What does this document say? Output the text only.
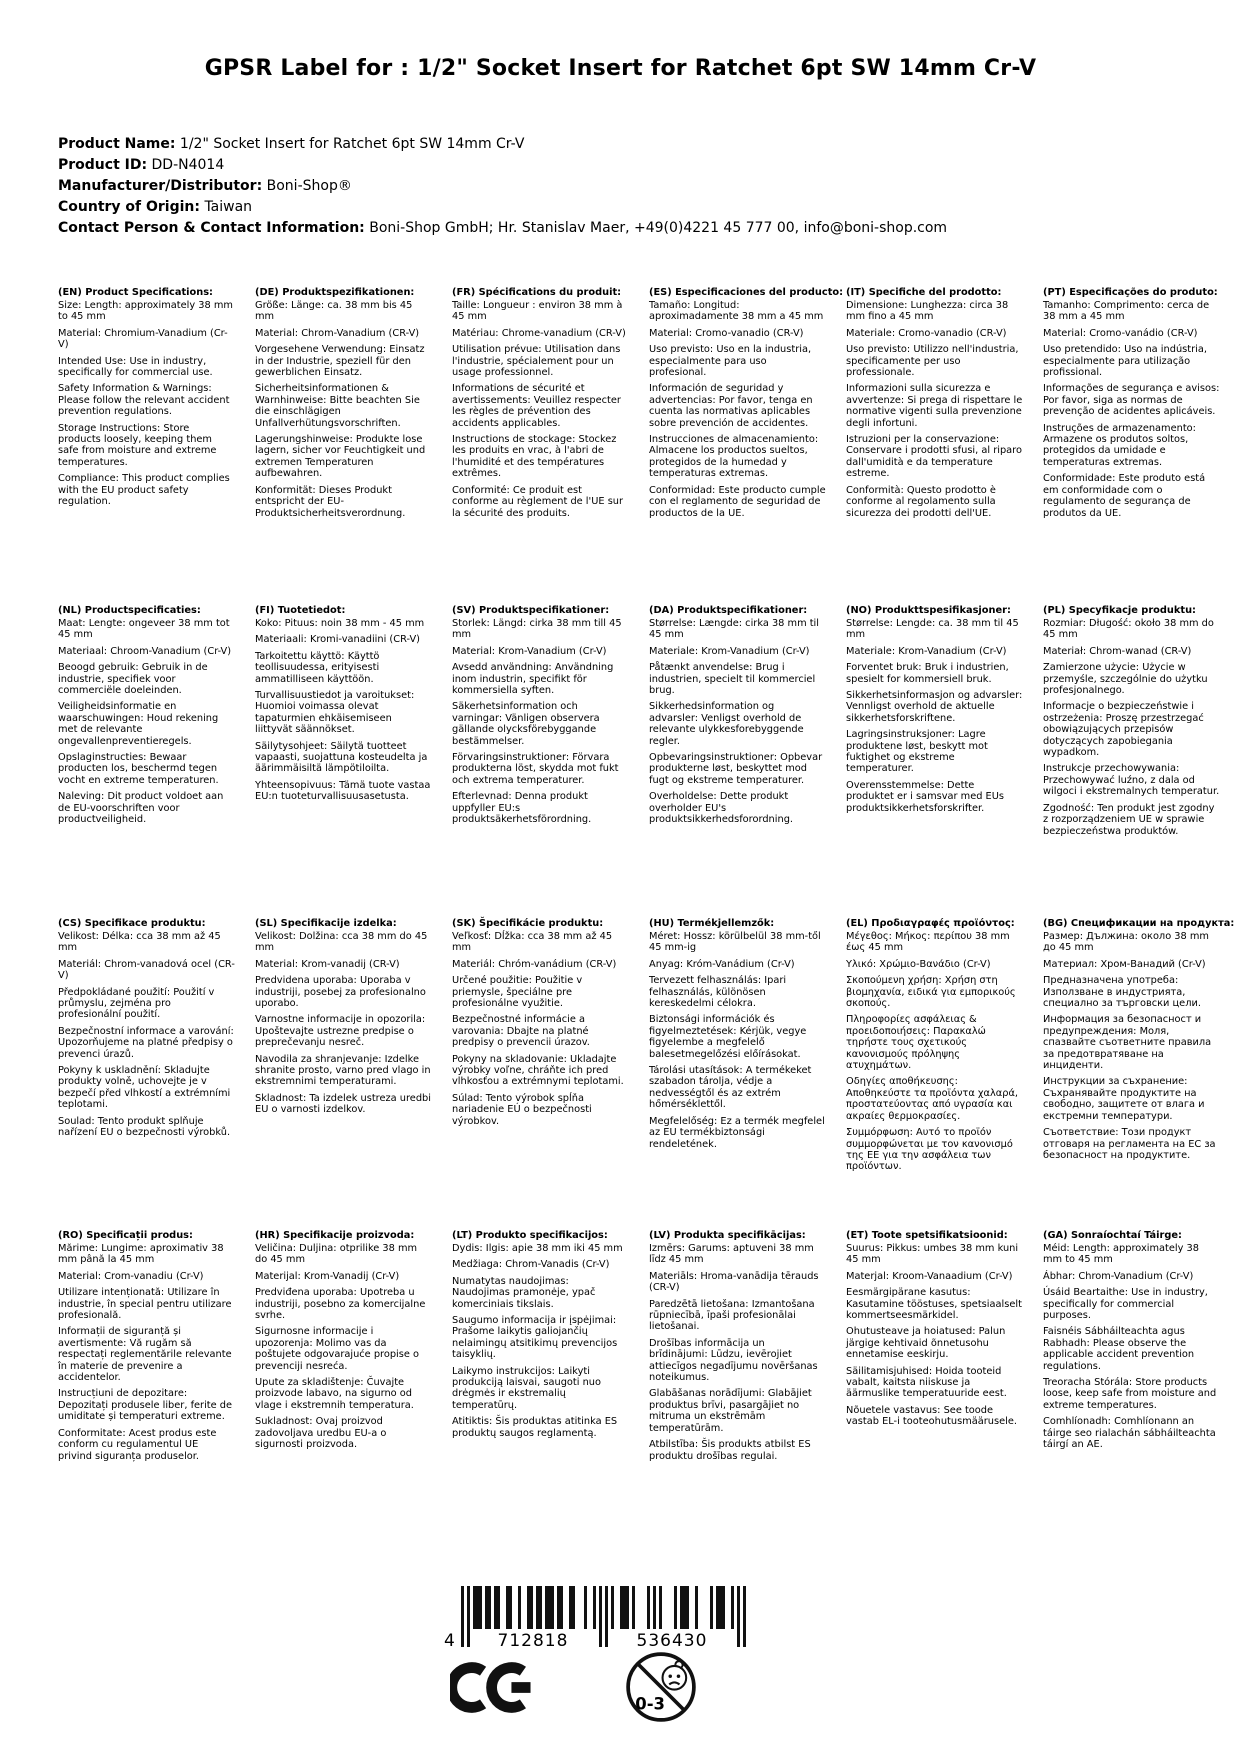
GPSR Label for : 1/2" Socket Insert for Ratchet 6pt SW 14mm Cr-V
Product Name: 1/2" Socket Insert for Ratchet 6pt SW 14mm Cr-V
Product ID: DD-N4014
Manufacturer/Distributor: Boni-Shop®
Country of Origin: Taiwan
Contact Person & Contact Information: Boni-Shop GmbH; Hr. Stanislav Maer, +49(0)4221 45 777 00, info@boni-shop.com
(EN) Product Specifications:
Size: Length: approximately 38 mm to 45 mm
Material: Chromium-Vanadium (Cr-V)
Intended Use: Use in industry, specifically for commercial use.
Safety Information & Warnings: Please follow the relevant accident prevention regulations.
Storage Instructions: Store products loosely, keeping them safe from moisture and extreme temperatures.
Compliance: This product complies with the EU product safety regulation.
(DE) Produktspezifikationen:
Größe: Länge: ca. 38 mm bis 45 mm
Material: Chrom-Vanadium (CR-V)
Vorgesehene Verwendung: Einsatz in der Industrie, speziell für den gewerblichen Einsatz.
Sicherheitsinformationen & Warnhinweise: Bitte beachten Sie die einschlägigen Unfallverhütungsvorschriften.
Lagerungshinweise: Produkte lose lagern, sicher vor Feuchtigkeit und extremen Temperaturen aufbewahren.
Konformität: Dieses Produkt entspricht der EU-Produktsicherheitsverordnung.
(FR) Spécifications du produit:
Taille: Longueur : environ 38 mm à 45 mm
Matériau: Chrome-vanadium (CR-V)
Utilisation prévue: Utilisation dans l'industrie, spécialement pour un usage professionnel.
Informations de sécurité et avertissements: Veuillez respecter les règles de prévention des accidents applicables.
Instructions de stockage: Stockez les produits en vrac, à l'abri de l'humidité et des températures extrêmes.
Conformité: Ce produit est conforme au règlement de l'UE sur la sécurité des produits.
(ES) Especificaciones del producto:
Tamaño: Longitud: aproximadamente 38 mm a 45 mm
Material: Cromo-vanadio (CR-V)
Uso previsto: Uso en la industria, especialmente para uso profesional.
Información de seguridad y advertencias: Por favor, tenga en cuenta las normativas aplicables sobre prevención de accidentes.
Instrucciones de almacenamiento: Almacene los productos sueltos, protegidos de la humedad y temperaturas extremas.
Conformidad: Este producto cumple con el reglamento de seguridad de productos de la UE.
(IT) Specifiche del prodotto:
Dimensione: Lunghezza: circa 38 mm fino a 45 mm
Materiale: Cromo-vanadio (CR-V)
Uso previsto: Utilizzo nell'industria, specificamente per uso professionale.
Informazioni sulla sicurezza e avvertenze: Si prega di rispettare le normative vigenti sulla prevenzione degli infortuni.
Istruzioni per la conservazione: Conservare i prodotti sfusi, al riparo dall'umidità e da temperature estreme.
Conformità: Questo prodotto è conforme al regolamento sulla sicurezza dei prodotti dell'UE.
(PT) Especificações do produto:
Tamanho: Comprimento: cerca de 38 mm a 45 mm
Material: Cromo-vanádio (CR-V)
Uso pretendido: Uso na indústria, especialmente para utilização profissional.
Informações de segurança e avisos: Por favor, siga as normas de prevenção de acidentes aplicáveis.
Instruções de armazenamento: Armazene os produtos soltos, protegidos da umidade e temperaturas extremas.
Conformidade: Este produto está em conformidade com o regulamento de segurança de produtos da UE.
(NL) Productspecificaties:
Maat: Lengte: ongeveer 38 mm tot 45 mm
Materiaal: Chroom-Vanadium (Cr-V)
Beoogd gebruik: Gebruik in de industrie, specifiek voor commerciële doeleinden.
Veiligheidsinformatie en waarschuwingen: Houd rekening met de relevante ongevallenpreventieregels.
Opslaginstructies: Bewaar producten los, beschermd tegen vocht en extreme temperaturen.
Naleving: Dit product voldoet aan de EU-voorschriften voor productveiligheid.
(FI) Tuotetiedot:
Koko: Pituus: noin 38 mm - 45 mm
Materiaali: Kromi-vanadiini (CR-V)
Tarkoitettu käyttö: Käyttö teollisuudessa, erityisesti ammatilliseen käyttöön.
Turvallisuustiedot ja varoitukset: Huomioi voimassa olevat tapaturmien ehkäisemiseen liittyvät säännökset.
Säilytysohjeet: Säilytä tuotteet vapaasti, suojattuna kosteudelta ja äärimmäisiltä lämpötiloilta.
Yhteensopivuus: Tämä tuote vastaa EU:n tuoteturvallisuusasetusta.
(SV) Produktspecifikationer:
Storlek: Längd: cirka 38 mm till 45 mm
Material: Krom-Vanadium (Cr-V)
Avsedd användning: Användning inom industrin, specifikt för kommersiella syften.
Säkerhetsinformation och varningar: Vänligen observera gällande olycksförebyggande bestämmelser.
Förvaringsinstruktioner: Förvara produkterna löst, skydda mot fukt och extrema temperaturer.
Efterlevnad: Denna produkt uppfyller EU:s produktsäkerhetsförordning.
(DA) Produktspecifikationer:
Størrelse: Længde: cirka 38 mm til 45 mm
Materiale: Krom-Vanadium (Cr-V)
Påtænkt anvendelse: Brug i industrien, specielt til kommerciel brug.
Sikkerhedsinformation og advarsler: Venligst overhold de relevante ulykkesforebyggende regler.
Opbevaringsinstruktioner: Opbevar produkterne løst, beskyttet mod fugt og ekstreme temperaturer.
Overholdelse: Dette produkt overholder EU's produktsikkerhedsforordning.
(NO) Produkttspesifikasjoner:
Størrelse: Lengde: ca. 38 mm til 45 mm
Materiale: Krom-Vanadium (Cr-V)
Forventet bruk: Bruk i industrien, spesielt for kommersiell bruk.
Sikkerhetsinformasjon og advarsler: Vennligst overhold de aktuelle sikkerhetsforskriftene.
Lagringsinstruksjoner: Lagre produktene løst, beskytt mot fuktighet og ekstreme temperaturer.
Overensstemmelse: Dette produktet er i samsvar med EUs produktsikkerhetsforskrifter.
(PL) Specyfikacje produktu:
Rozmiar: Długość: około 38 mm do 45 mm
Materiał: Chrom-wanad (CR-V)
Zamierzone użycie: Użycie w przemyśle, szczególnie do użytku profesjonalnego.
Informacje o bezpieczeństwie i ostrzeżenia: Proszę przestrzegać obowiązujących przepisów dotyczących zapobiegania wypadkom.
Instrukcje przechowywania: Przechowywać luźno, z dala od wilgoci i ekstremalnych temperatur.
Zgodność: Ten produkt jest zgodny z rozporządzeniem UE w sprawie bezpieczeństwa produktów.
(CS) Specifikace produktu:
Velikost: Délka: cca 38 mm až 45 mm
Materiál: Chrom-vanadová ocel (CR-V)
Předpokládané použití: Použití v průmyslu, zejména pro profesionální použití.
Bezpečnostní informace a varování: Upozorňujeme na platné předpisy o prevenci úrazů.
Pokyny k uskladnění: Skladujte produkty volně, uchovejte je v bezpečí před vlhkostí a extrémními teplotami.
Soulad: Tento produkt splňuje nařízení EU o bezpečnosti výrobků.
(SL) Specifikacije izdelka:
Velikost: Dolžina: cca 38 mm do 45 mm
Material: Krom-vanadij (CR-V)
Predvidena uporaba: Uporaba v industriji, posebej za profesionalno uporabo.
Varnostne informacije in opozorila: Upoštevajte ustrezne predpise o preprečevanju nesreč.
Navodila za shranjevanje: Izdelke shranite prosto, varno pred vlago in ekstremnimi temperaturami.
Skladnost: Ta izdelek ustreza uredbi EU o varnosti izdelkov.
(SK) Špecifikácie produktu:
Veľkosť: Dĺžka: cca 38 mm až 45 mm
Materiál: Chróm-vanádium (CR-V)
Určené použitie: Použitie v priemysle, špeciálne pre profesionálne využitie.
Bezpečnostné informácie a varovania: Dbajte na platné predpisy o prevencii úrazov.
Pokyny na skladovanie: Ukladajte výrobky voľne, chráňte ich pred vlhkosťou a extrémnymi teplotami.
Súlad: Tento výrobok spĺňa nariadenie EÚ o bezpečnosti výrobkov.
(HU) Termékjellemzők:
Méret: Hossz: körülbelül 38 mm-től 45 mm-ig
Anyag: Króm-Vanádium (Cr-V)
Tervezett felhasználás: Ipari felhasználás, különösen kereskedelmi célokra.
Biztonsági információk és figyelmeztetések: Kérjük, vegye figyelembe a megfelelő balesetmegelőzési előírásokat.
Tárolási utasítások: A termékeket szabadon tárolja, védje a nedvességtől és az extrém hőmérséklettől.
Megfelelőség: Ez a termék megfelel az EU termékbiztonsági rendeletének.
(EL) Προδιαγραφές προϊόντος:
Μέγεθος: Μήκος: περίπου 38 mm έως 45 mm
Υλικό: Χρώμιο-Βανάδιο (Cr-V)
Σκοπούμενη χρήση: Χρήση στη βιομηχανία, ειδικά για εμπορικούς σκοπούς.
Πληροφορίες ασφάλειας & προειδοποιήσεις: Παρακαλώ τηρήστε τους σχετικούς κανονισμούς πρόληψης ατυχημάτων.
Οδηγίες αποθήκευσης: Αποθηκεύστε τα προϊόντα χαλαρά, προστατεύοντας από υγρασία και ακραίες θερμοκρασίες.
Συμμόρφωση: Αυτό το προϊόν συμμορφώνεται με τον κανονισμό της ΕΕ για την ασφάλεια των προϊόντων.
(BG) Спецификации на продукта:
Размер: Дължина: около 38 mm до 45 mm
Материал: Хром-Ванадий (Cr-V)
Предназначена употреба: Използване в индустрията, специално за търговски цели.
Информация за безопасност и предупреждения: Моля, спазвайте съответните правила за предотвратяване на инциденти.
Инструкции за съхранение: Съхранявайте продуктите на свободно, защитете от влага и екстремни температури.
Съответствие: Този продукт отговаря на регламента на ЕС за безопасност на продуктите.
(RO) Specificații produs:
Mărime: Lungime: aproximativ 38 mm până la 45 mm
Material: Crom-vanadiu (Cr-V)
Utilizare intenționată: Utilizare în industrie, în special pentru utilizare profesională.
Informații de siguranță și avertismente: Vă rugăm să respectați reglementările relevante în materie de prevenire a accidentelor.
Instrucțiuni de depozitare: Depozitați produsele liber, ferite de umiditate și temperaturi extreme.
Conformitate: Acest produs este conform cu regulamentul UE privind siguranța produselor.
(HR) Specifikacije proizvoda:
Veličina: Duljina: otprilike 38 mm do 45 mm
Materijal: Krom-Vanadij (Cr-V)
Predviđena uporaba: Upotreba u industriji, posebno za komercijalne svrhe.
Sigurnosne informacije i upozorenja: Molimo vas da poštujete odgovarajuće propise o prevenciji nesreća.
Upute za skladištenje: Čuvajte proizvode labavo, na sigurno od vlage i ekstremnih temperatura.
Sukladnost: Ovaj proizvod zadovoljava uredbu EU-a o sigurnosti proizvoda.
(LT) Produkto specifikacijos:
Dydis: Ilgis: apie 38 mm iki 45 mm
Medžiaga: Chrom-Vanadis (Cr-V)
Numatytas naudojimas: Naudojimas pramonėje, ypač komerciniais tikslais.
Saugumo informacija ir įspėjimai: Prašome laikytis galiojančių nelaimingų atsitikimų prevencijos taisyklių.
Laikymo instrukcijos: Laikyti produkciją laisvai, saugoti nuo drėgmės ir ekstremalių temperatūrų.
Atitiktis: Šis produktas atitinka ES produktų saugos reglamentą.
(LV) Produkta specifikācijas:
Izmērs: Garums: aptuveni 38 mm līdz 45 mm
Materiāls: Hroma-vanādija tērauds (CR-V)
Paredzētā lietošana: Izmantošana rūpniecībā, īpaši profesionālai lietošanai.
Drošības informācija un brīdinājumi: Lūdzu, ievērojiet attiecīgos negadījumu novēršanas noteikumus.
Glabāšanas norādījumi: Glabājiet produktus brīvi, pasargājiet no mitruma un ekstrēmām temperatūrām.
Atbilstība: Šis produkts atbilst ES produktu drošības regulai.
(ET) Toote spetsifikatsioonid:
Suurus: Pikkus: umbes 38 mm kuni 45 mm
Materjal: Kroom-Vanaadium (Cr-V)
Eesmärgipärane kasutus: Kasutamine tööstuses, spetsiaalselt kommertseesmärkidel.
Ohutusteave ja hoiatused: Palun järgige kehtivaid õnnetusohu ennetamise eeskirju.
Säilitamisjuhised: Hoida tooteid vabalt, kaitsta niiskuse ja äärmuslike temperatuuride eest.
Nõuetele vastavus: See toode vastab EL-i tooteohutusmäärusele.
(GA) Sonraíochtaí Táirge:
Méid: Length: approximately 38 mm to 45 mm
Ábhar: Chrom-Vanadium (Cr-V)
Úsáid Beartaithe: Use in industry, specifically for commercial purposes.
Faisnéis Sábháilteachta agus Rabhadh: Please observe the applicable accident prevention regulations.
Treoracha Stórála: Store products loose, keep safe from moisture and extreme temperatures.
Comhlíonadh: Comhlíonann an táirge seo rialachán sábháilteachta táirgí an AE.
4	712818	536430
0-3
